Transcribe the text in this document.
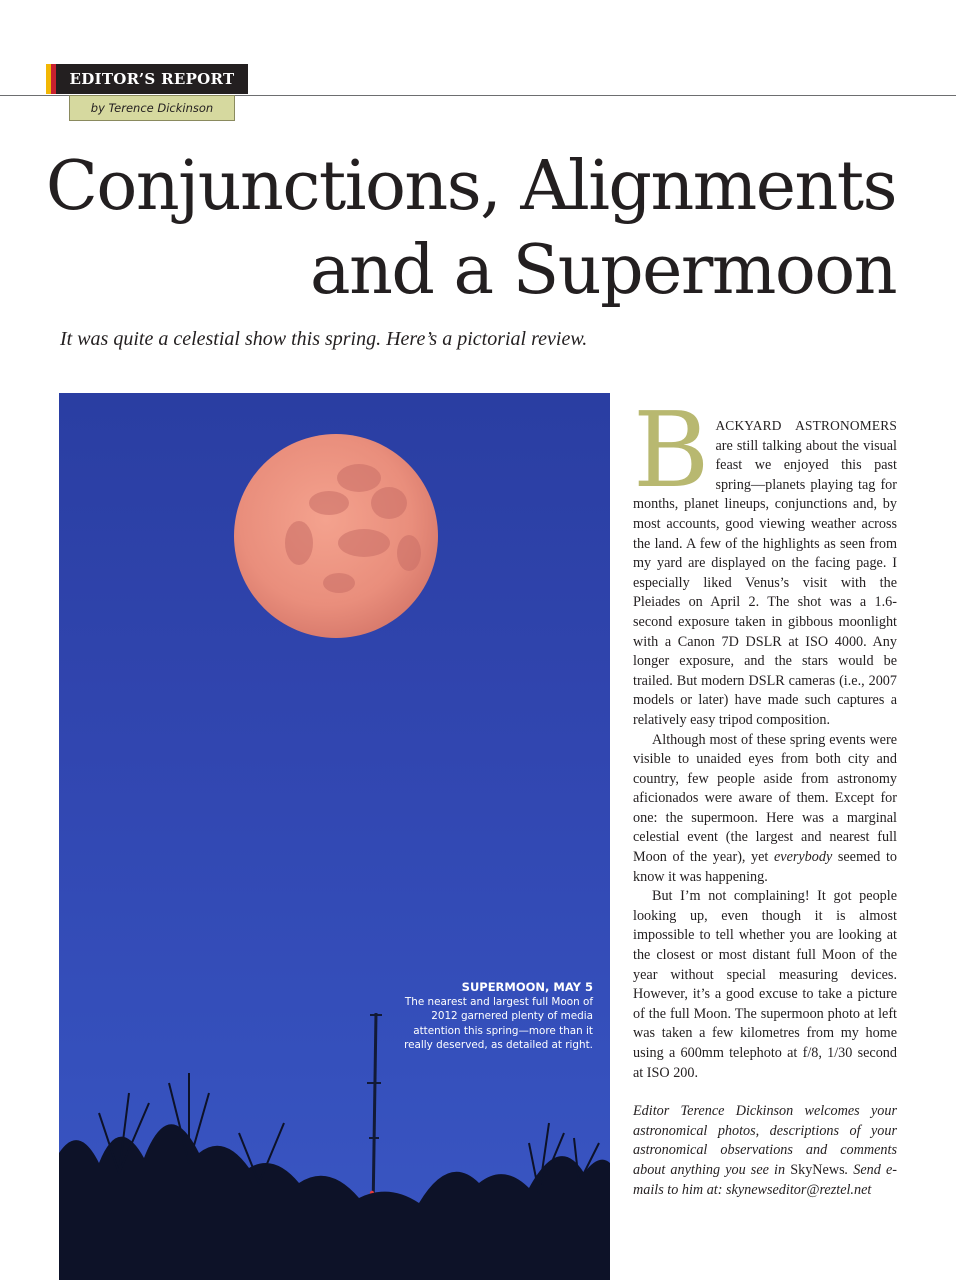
EDITOR’S REPORT
by Terence Dickinson
Conjunctions, Alignments
and a Supermoon
It was quite a celestial show this spring. Here’s a pictorial review.
SUPERMOON, MAY 5
The nearest and largest full Moon of 2012 garnered plenty of media attention this spring—more than it really deserved, as detailed at right.

BACKYARD ASTRONOMERS are still talking about the visual feast we enjoyed this past spring—planets playing tag for months, planet lineups, conjunctions and, by most accounts, good viewing weather across the land. A few of the highlights as seen from my yard are displayed on the facing page. I especially liked Venus’s visit with the Pleiades on April 2. The shot was a 1.6-second exposure taken in gibbous moonlight with a Canon 7D DSLR at ISO 4000. Any longer exposure, and the stars would be trailed. But modern DSLR cameras (i.e., 2007 models or later) have made such captures a relatively easy tripod composition.

Although most of these spring events were visible to unaided eyes from both city and country, few people aside from astronomy aficionados were aware of them. Except for one: the supermoon. Here was a marginal celestial event (the largest and nearest full Moon of the year), yet everybody seemed to know it was happening.

But I’m not complaining! It got people looking up, even though it is almost impossible to tell whether you are looking at the closest or most distant full Moon of the year without special measuring devices. However, it’s a good excuse to take a picture of the full Moon. The supermoon photo at left was taken a few kilometres from my home using a 600mm telephoto at f/8, 1/30 second at ISO 200.

Editor Terence Dickinson welcomes your astronomical photos, descriptions of your astronomical observations and comments about anything you see in SkyNews. Send e-mails to him at: skynewseditor@reztel.net
